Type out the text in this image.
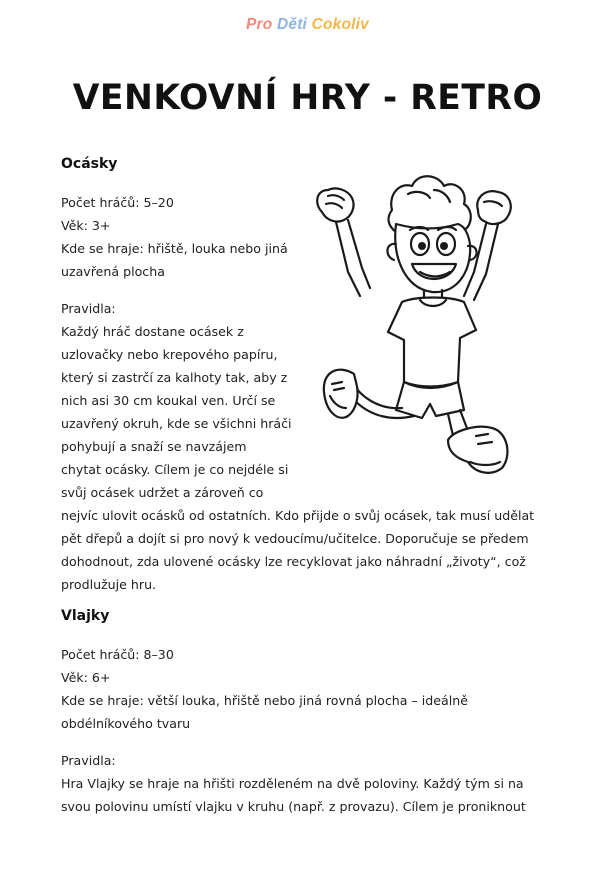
Pro Děti Cokoliv
VENKOVNÍ HRY - RETRO
Ocásky

Počet hráčů: 5–20

Věk: 3+

Kde se hraje: hřiště, louka nebo jiná

uzavřená plocha

Pravidla:

Každý hráč dostane ocásek z

uzlovačky nebo krepového papíru,

který si zastrčí za kalhoty tak, aby z

nich asi 30 cm koukal ven. Určí se

uzavřený okruh, kde se všichni hráči

pohybují a snaží se navzájem

chytat ocásky. Cílem je co nejdéle si

svůj ocásek udržet a zároveň co

nejvíc ulovit ocásků od ostatních. Kdo přijde o svůj ocásek, tak musí udělat

pět dřepů a dojít si pro nový k vedoucímu/učitelce. Doporučuje se předem

dohodnout, zda ulovené ocásky lze recyklovat jako náhradní „životy“, což

prodlužuje hru.

Vlajky

Počet hráčů: 8–30

Věk: 6+

Kde se hraje: větší louka, hřiště nebo jiná rovná plocha – ideálně

obdélníkového tvaru

Pravidla:

Hra Vlajky se hraje na hřišti rozděleném na dvě poloviny. Každý tým si na

svou polovinu umístí vlajku v kruhu (např. z provazu). Cílem je proniknout
